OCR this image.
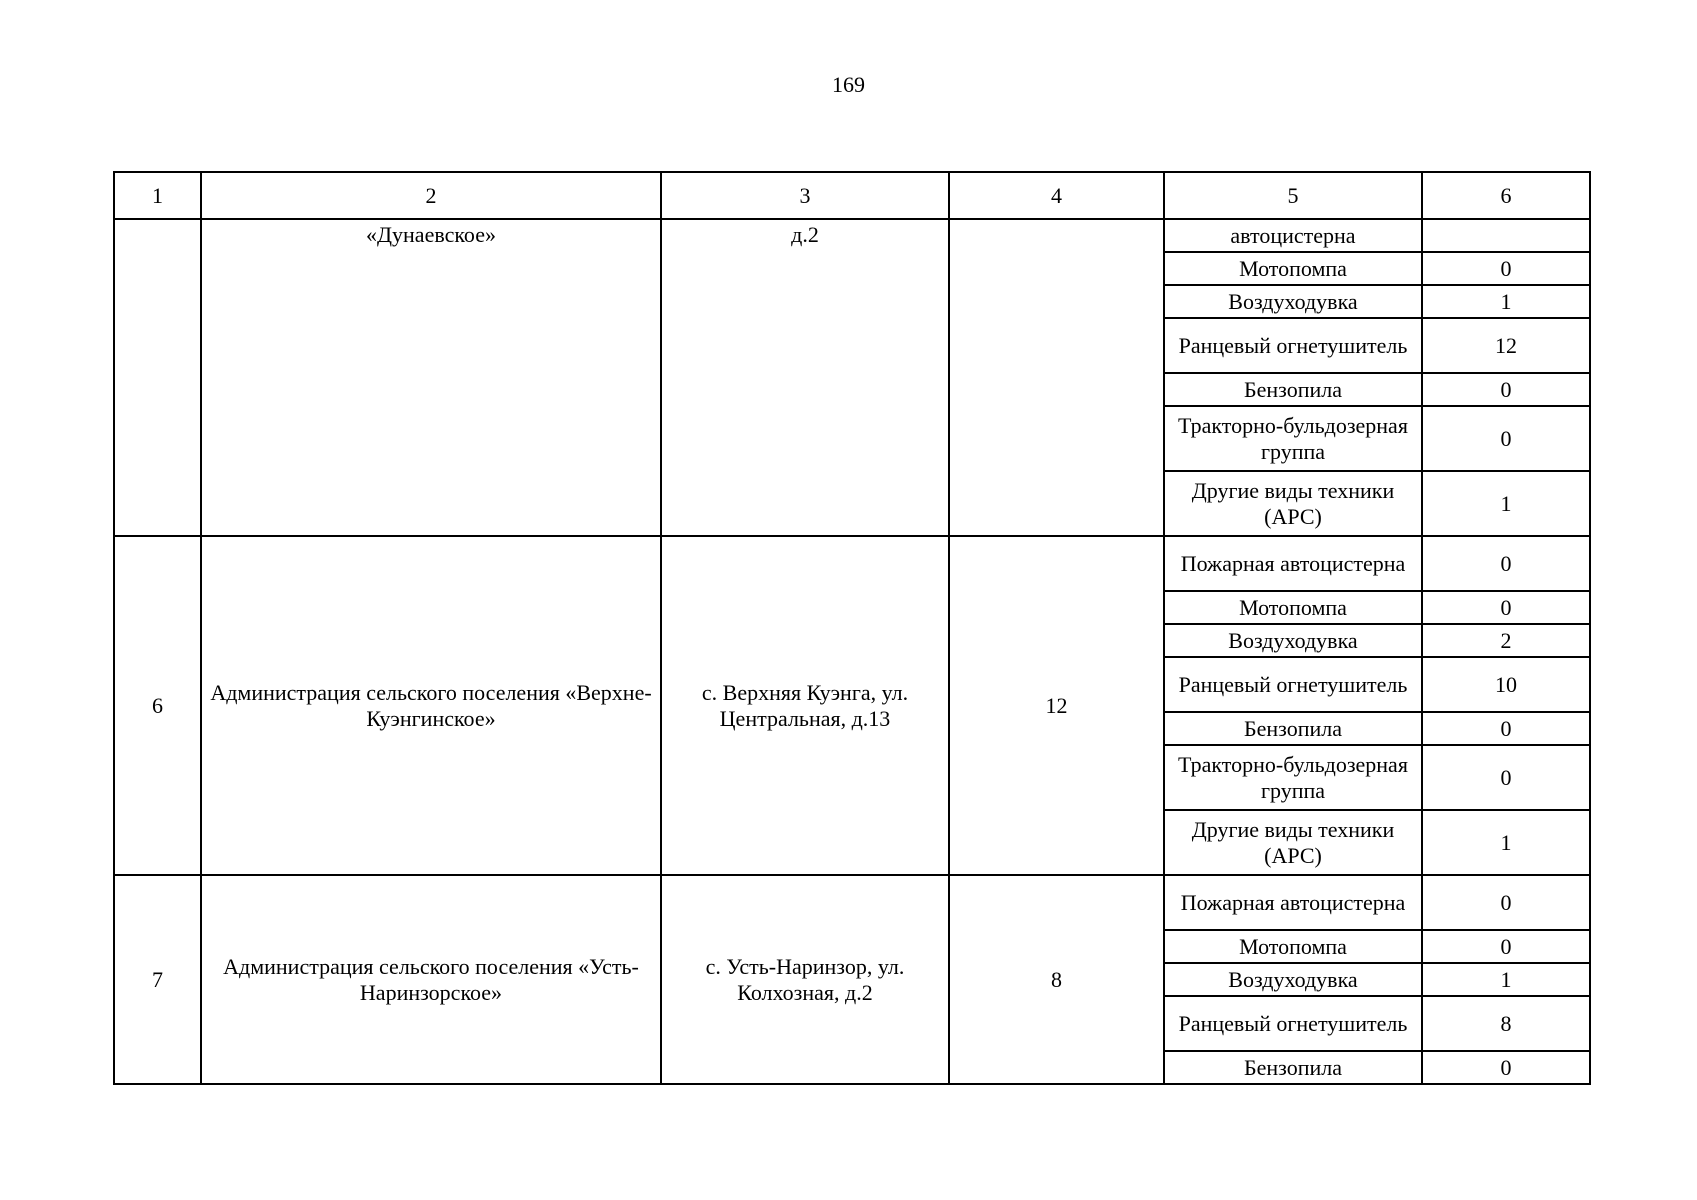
169
1	2	3	4	5	6
	«Дунаевское»	д.2		автоцистерна	
				Мотопомпа	0
				Воздуходувка	1
				Ранцевый огнетушитель	12
				Бензопила	0
				Тракторно-бульдозерная группа	0
				Другие виды техники (АРС)	1
6	Администрация сельского поселения «Верхне-Куэнгинское»	с. Верхняя Куэнга, ул. Центральная, д.13	12	Пожарная автоцистерна	0
				Мотопомпа	0
				Воздуходувка	2
				Ранцевый огнетушитель	10
				Бензопила	0
				Тракторно-бульдозерная группа	0
				Другие виды техники (АРС)	1
7	Администрация сельского поселения «Усть-Наринзорское»	с. Усть-Наринзор, ул. Колхозная, д.2	8	Пожарная автоцистерна	0
				Мотопомпа	0
				Воздуходувка	1
				Ранцевый огнетушитель	8
				Бензопила	0
